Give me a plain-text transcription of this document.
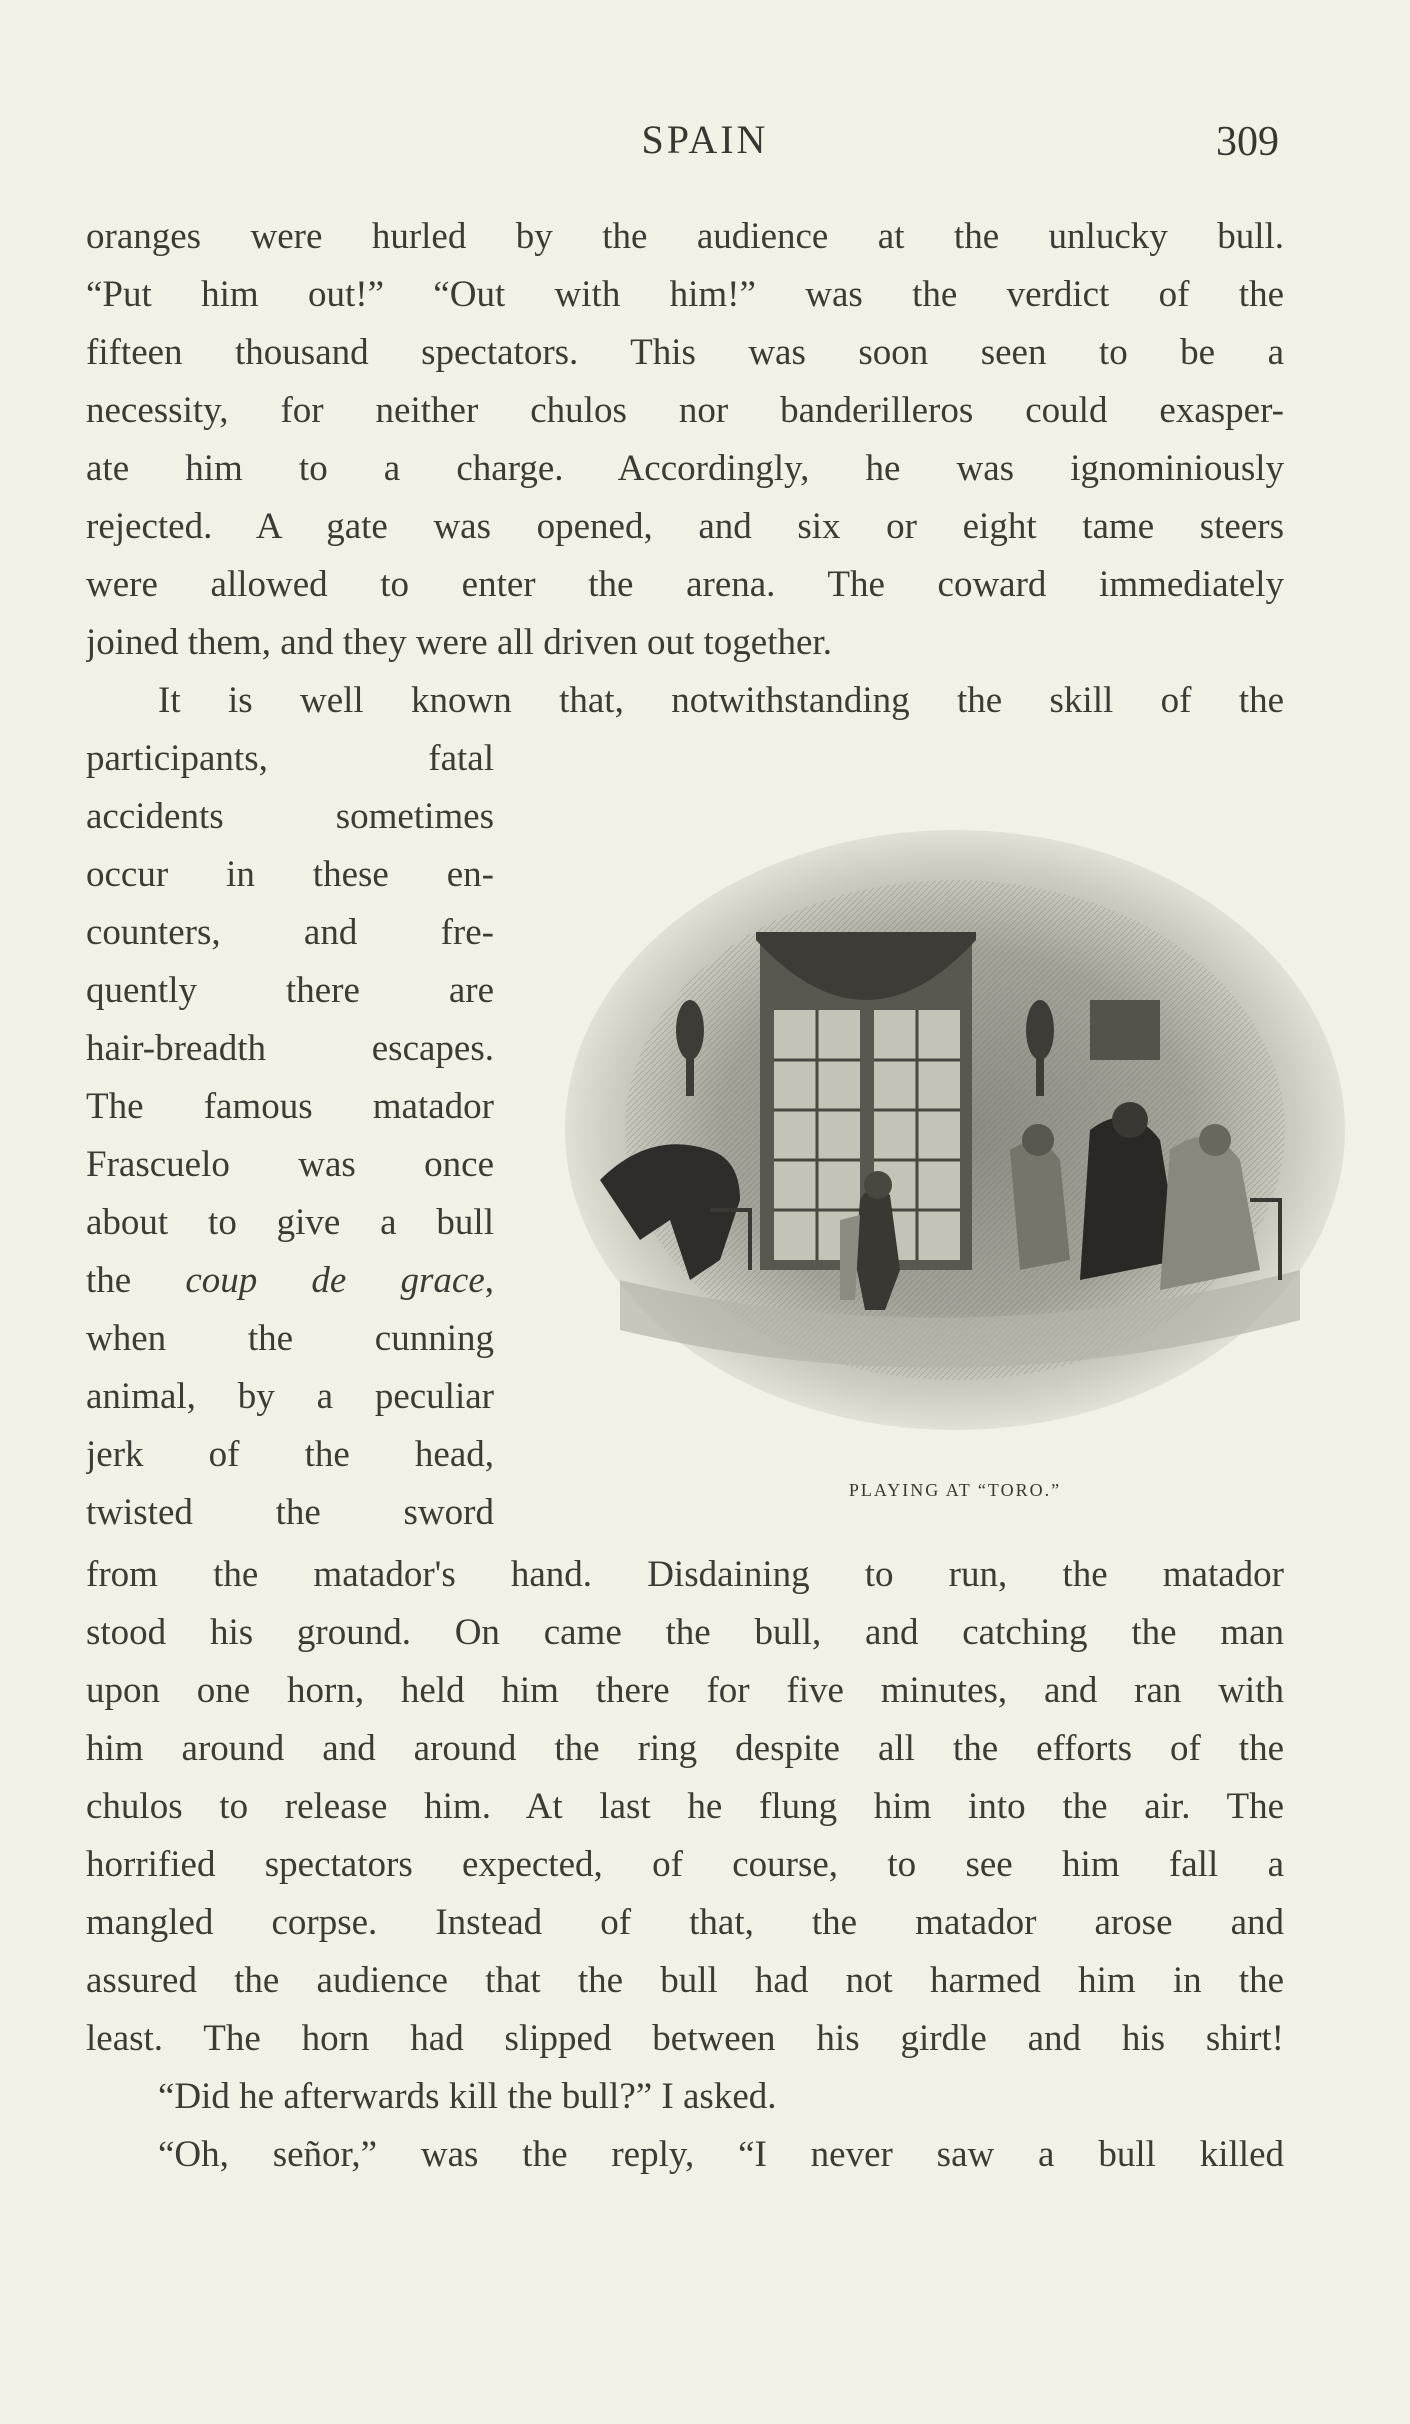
SPAIN	309
oranges were hurled by the audience at the unlucky bull.
“Put him out!” “Out with him!” was the verdict of the
fifteen thousand spectators. This was soon seen to be a
necessity, for neither chulos nor banderilleros could exasper-
ate him to a charge. Accordingly, he was ignominiously
rejected. A gate was opened, and six or eight tame steers
were allowed to enter the arena. The coward immediately
joined them, and they were all driven out together.
It is well known that, notwithstanding the skill of the
participants, fatal
accidents sometimes
occur in these en-
counters, and fre-
quently there are
hair-breadth escapes.
The famous matador
Frascuelo was once
about to give a bull
the coup de grace,
when the cunning
animal, by a peculiar
jerk of the head,
twisted the sword
PLAYING AT “TORO.”
from the matador's hand. Disdaining to run, the matador
stood his ground. On came the bull, and catching the man
upon one horn, held him there for five minutes, and ran with
him around and around the ring despite all the efforts of the
chulos to release him. At last he flung him into the air. The
horrified spectators expected, of course, to see him fall a
mangled corpse. Instead of that, the matador arose and
assured the audience that the bull had not harmed him in the
least. The horn had slipped between his girdle and his shirt!
“Did he afterwards kill the bull?” I asked.
“Oh, señor,” was the reply, “I never saw a bull killed
